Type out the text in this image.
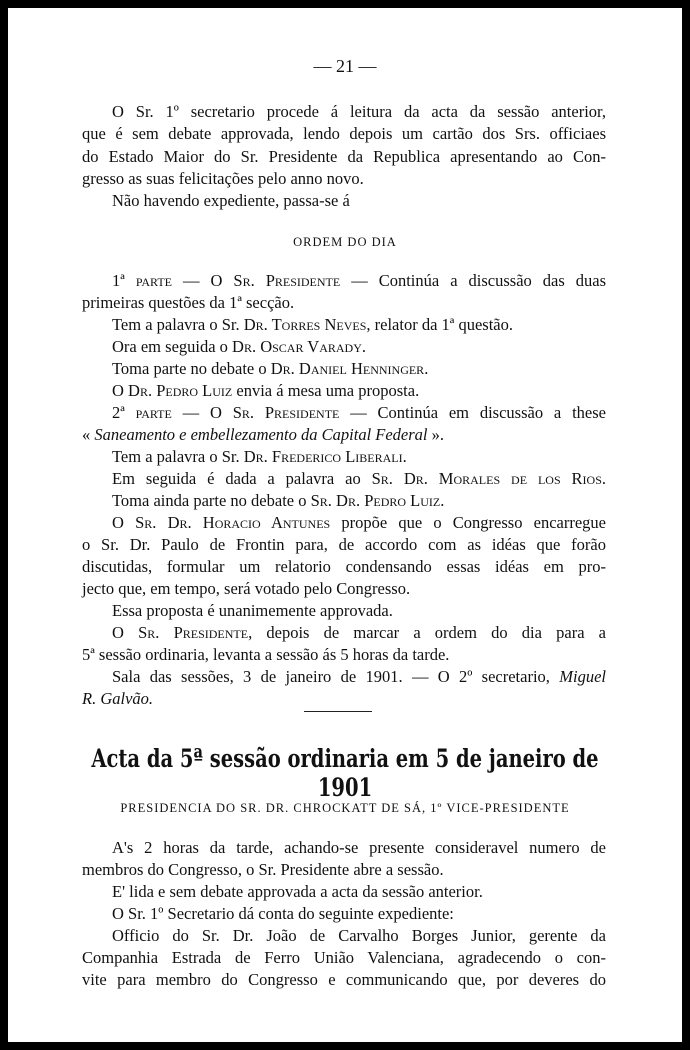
— 21 —
O Sr. 1º secretario procede á leitura da acta da sessão anterior,
que é sem debate approvada, lendo depois um cartão dos Srs. officiaes
do Estado Maior do Sr. Presidente da Republica apresentando ao Con-
gresso as suas felicitações pelo anno novo.
Não havendo expediente, passa-se á
ORDEM DO DIA
1ª parte — O Sr. Presidente — Continúa a discussão das duas
primeiras questões da 1ª secção.
Tem a palavra o Sr. Dr. Torres Neves, relator da 1ª questão.
Ora em seguida o Dr. Oscar Varady.
Toma parte no debate o Dr. Daniel Henninger.
O Dr. Pedro Luiz envia á mesa uma proposta.
2ª parte — O Sr. Presidente — Continúa em discussão a these
« Saneamento e embellezamento da Capital Federal ».
Tem a palavra o Sr. Dr. Frederico Liberali.
Em seguida é dada a palavra ao Sr. Dr. Morales de los Rios.
Toma ainda parte no debate o Sr. Dr. Pedro Luiz.
O Sr. Dr. Horacio Antunes propõe que o Congresso encarregue
o Sr. Dr. Paulo de Frontin para, de accordo com as idéas que forão
discutidas, formular um relatorio condensando essas idéas em pro-
jecto que, em tempo, será votado pelo Congresso.
Essa proposta é unanimemente approvada.
O Sr. Presidente, depois de marcar a ordem do dia para a
5ª sessão ordinaria, levanta a sessão ás 5 horas da tarde.
Sala das sessões, 3 de janeiro de 1901. — O 2º secretario, Miguel
R. Galvão.
Acta da 5ª sessão ordinaria em 5 de janeiro de 1901
PRESIDENCIA DO SR. DR. CHROCKATT DE SÁ, 1º VICE-PRESIDENTE
A's 2 horas da tarde, achando-se presente consideravel numero de
membros do Congresso, o Sr. Presidente abre a sessão.
E' lida e sem debate approvada a acta da sessão anterior.
O Sr. 1º Secretario dá conta do seguinte expediente:
Officio do Sr. Dr. João de Carvalho Borges Junior, gerente da
Companhia Estrada de Ferro União Valenciana, agradecendo o con-
vite para membro do Congresso e communicando que, por deveres do
